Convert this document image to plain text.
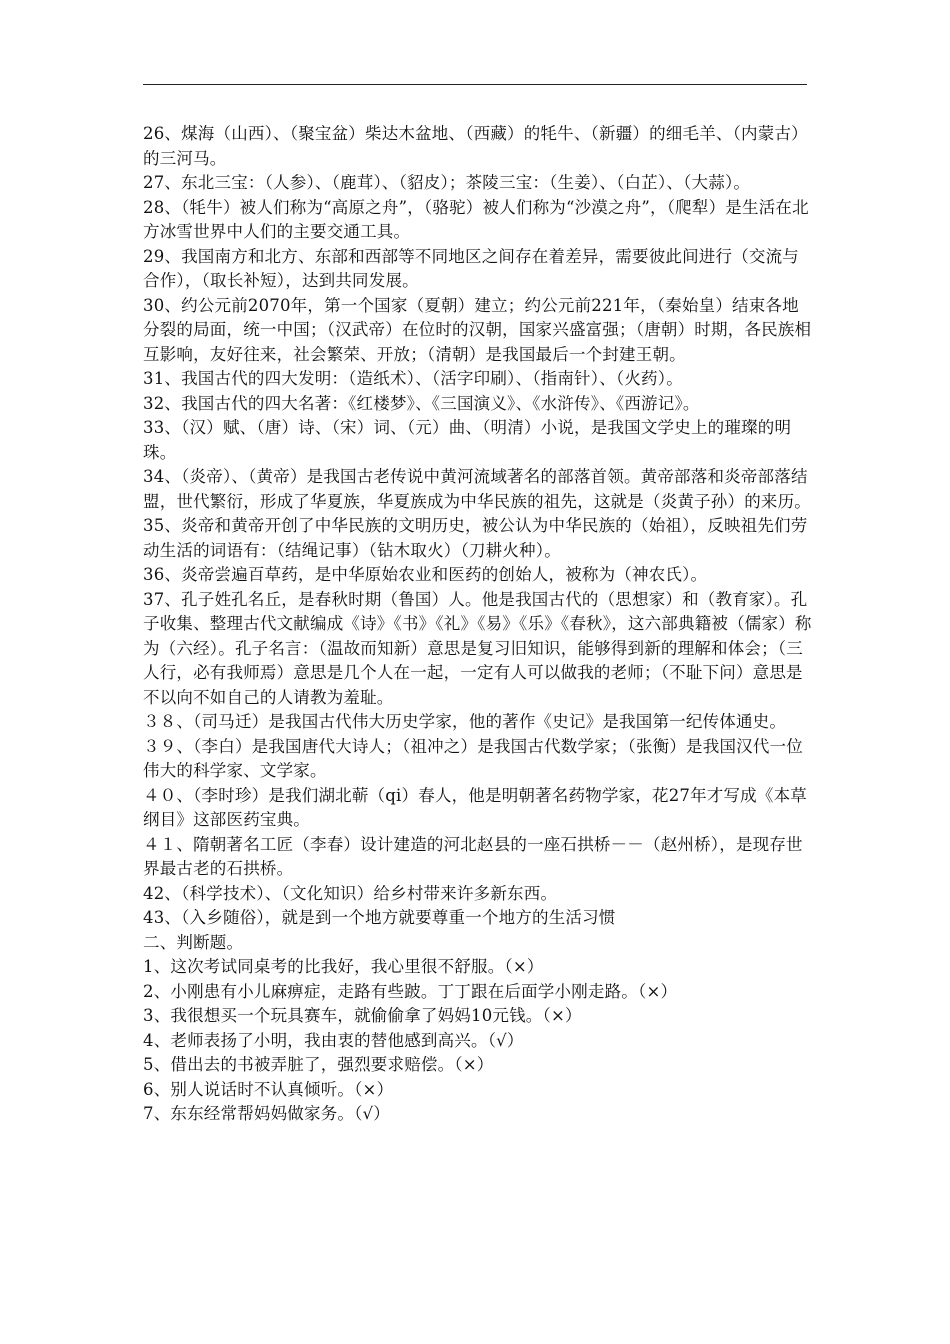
26、煤海（山西）、（聚宝盆）柴达木盆地、（西藏）的牦牛、（新疆）的细毛羊、（内蒙古）的三河马。

27、东北三宝：（人参）、（鹿茸）、（貂皮）；茶陵三宝：（生姜）、（白芷）、（大蒜）。

28、（牦牛）被人们称为“高原之舟”，（骆驼）被人们称为“沙漠之舟”，（爬犁）是生活在北方冰雪世界中人们的主要交通工具。

29、我国南方和北方、东部和西部等不同地区之间存在着差异，需要彼此间进行（交流与合作），（取长补短），达到共同发展。

30、约公元前2070年，第一个国家（夏朝）建立；约公元前221年，（秦始皇）结束各地分裂的局面，统一中国；（汉武帝）在位时的汉朝，国家兴盛富强；（唐朝）时期，各民族相互影响，友好往来，社会繁荣、开放；（清朝）是我国最后一个封建王朝。

31、我国古代的四大发明：（造纸术）、（活字印刷）、（指南针）、（火药）。

32、我国古代的四大名著：《红楼梦》、《三国演义》、《水浒传》、《西游记》。

33、（汉）赋、（唐）诗、（宋）词、（元）曲、（明清）小说，是我国文学史上的璀璨的明珠。

34、（炎帝）、（黄帝）是我国古老传说中黄河流域著名的部落首领。黄帝部落和炎帝部落结盟，世代繁衍，形成了华夏族，华夏族成为中华民族的祖先，这就是（炎黄子孙）的来历。

35、炎帝和黄帝开创了中华民族的文明历史，被公认为中华民族的（始祖），反映祖先们劳动生活的词语有：（结绳记事）（钻木取火）（刀耕火种）。

36、炎帝尝遍百草药，是中华原始农业和医药的创始人，被称为（神农氏）。

37、孔子姓孔名丘，是春秋时期（鲁国）人。他是我国古代的（思想家）和（教育家）。孔子收集、整理古代文献编成《诗》《书》《礼》《易》《乐》《春秋》，这六部典籍被（儒家）称为（六经）。孔子名言：（温故而知新）意思是复习旧知识，能够得到新的理解和体会；（三人行，必有我师焉）意思是几个人在一起，一定有人可以做我的老师；（不耻下问）意思是不以向不如自己的人请教为羞耻。

３８、（司马迁）是我国古代伟大历史学家，他的著作《史记》是我国第一纪传体通史。

３９、（李白）是我国唐代大诗人；（祖冲之）是我国古代数学家；（张衡）是我国汉代一位伟大的科学家、文学家。

４０、（李时珍）是我们湖北蕲（qi）春人，他是明朝著名药物学家，花27年才写成《本草纲目》这部医药宝典。

４１、隋朝著名工匠（李春）设计建造的河北赵县的一座石拱桥－－（赵州桥），是现存世界最古老的石拱桥。

42、（科学技术）、（文化知识）给乡村带来许多新东西。

43、（入乡随俗），就是到一个地方就要尊重一个地方的生活习惯

二、判断题。

1、这次考试同桌考的比我好，我心里很不舒服。（×）

2、小刚患有小儿麻痹症，走路有些跛。丁丁跟在后面学小刚走路。（×）

3、我很想买一个玩具赛车，就偷偷拿了妈妈10元钱。（×）

4、老师表扬了小明，我由衷的替他感到高兴。（√）

5、借出去的书被弄脏了，强烈要求赔偿。（×）

6、别人说话时不认真倾听。（×）

7、东东经常帮妈妈做家务。（√）
